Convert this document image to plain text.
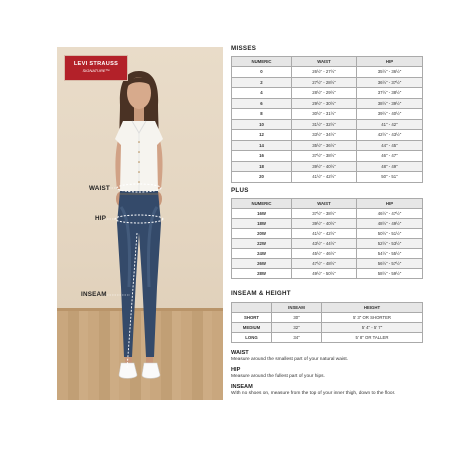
LEVI STRAUSS
SIGNATURE™
WAIST
HIP
INSEAM
MISSES
NUMERIC	WAIST	HIP
0	26½" - 27½"	35½" - 36½"
2	27½" - 28½"	36½" - 37½"
4	28½" - 29½"	37½" - 38½"
6	29½" - 30½"	38½" - 39½"
8	30½" - 31½"	39½" - 40½"
10	31½" - 32½"	41" - 42"
12	33½" - 34½"	42½" - 43½"
14	35½" - 36½"	44" - 45"
16	37½" - 38½"	46" - 47"
18	39½" - 40½"	48" - 49"
20	41½" - 42½"	50" - 51"
PLUS
NUMERIC	WAIST	HIP
16W	37½" - 38½"	46½" - 47½"
18W	39½" - 40½"	48½" - 49½"
20W	41½" - 42½"	50½" - 51½"
22W	43½" - 44½"	52½" - 53½"
24W	45½" - 46½"	54½" - 55½"
26W	47½" - 48½"	56½" - 57½"
28W	49½" - 50½"	58½" - 59½"
INSEAM & HEIGHT
	INSEAM	HEIGHT
SHORT	30"	5' 3" OR SHORTER
MEDIUM	32"	5' 4" - 5' 7"
LONG	34"	5' 8" OR TALLER
WAIST
Measure around the smallest part of your natural waist.
HIP
Measure around the fullest part of your hips.
INSEAM
With no shoes on, measure from the top of your inner thigh, down to the floor.
